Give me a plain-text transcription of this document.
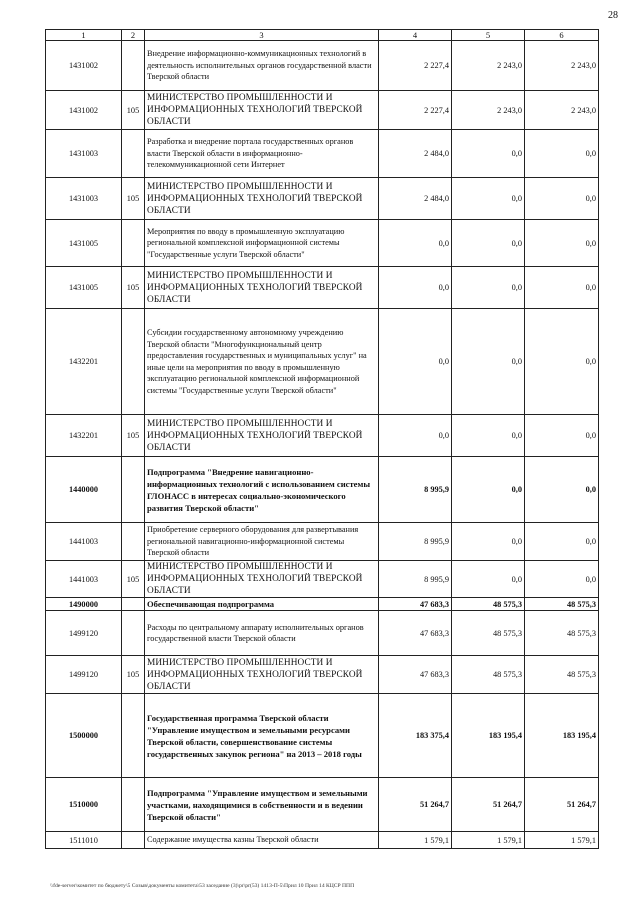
28
1	2	3	4	5	6
1431002		Внедрение информационно-коммуникационных технологий в деятельность исполнительных органов государственной власти Тверской области	2 227,4	2 243,0	2 243,0
1431002	105	МИНИСТЕРСТВО ПРОМЫШЛЕННОСТИ И ИНФОРМАЦИОННЫХ ТЕХНОЛОГИЙ ТВЕРСКОЙ ОБЛАСТИ	2 227,4	2 243,0	2 243,0
1431003		Разработка и внедрение портала государственных органов власти Тверской области в информационно-телекоммуникационной сети Интернет	2 484,0	0,0	0,0
1431003	105	МИНИСТЕРСТВО ПРОМЫШЛЕННОСТИ И ИНФОРМАЦИОННЫХ ТЕХНОЛОГИЙ ТВЕРСКОЙ ОБЛАСТИ	2 484,0	0,0	0,0
1431005		Мероприятия по вводу в промышленную эксплуатацию региональной комплексной информационной системы "Государственные услуги Тверской области"	0,0	0,0	0,0
1431005	105	МИНИСТЕРСТВО ПРОМЫШЛЕННОСТИ И ИНФОРМАЦИОННЫХ ТЕХНОЛОГИЙ ТВЕРСКОЙ ОБЛАСТИ	0,0	0,0	0,0
1432201		Субсидии государственному автономному учреждению Тверской области "Многофункциональный центр предоставления государственных и муниципальных услуг" на иные цели на мероприятия по вводу в промышленную эксплуатацию региональной комплексной информационной системы "Государственные услуги Тверской области"	0,0	0,0	0,0
1432201	105	МИНИСТЕРСТВО ПРОМЫШЛЕННОСТИ И ИНФОРМАЦИОННЫХ ТЕХНОЛОГИЙ ТВЕРСКОЙ ОБЛАСТИ	0,0	0,0	0,0
1440000		Подпрограмма "Внедрение навигационно-информационных технологий с использованием системы ГЛОНАСС в интересах социально-экономического развития Тверской области"	8 995,9	0,0	0,0
1441003		Приобретение серверного оборудования для развертывания региональной навигационно-информационной системы Тверской области	8 995,9	0,0	0,0
1441003	105	МИНИСТЕРСТВО ПРОМЫШЛЕННОСТИ И ИНФОРМАЦИОННЫХ ТЕХНОЛОГИЙ ТВЕРСКОЙ ОБЛАСТИ	8 995,9	0,0	0,0
1490000		Обеспечивающая подпрограмма	47 683,3	48 575,3	48 575,3
1499120		Расходы по центральному аппарату исполнительных органов государственной власти Тверской области	47 683,3	48 575,3	48 575,3
1499120	105	МИНИСТЕРСТВО ПРОМЫШЛЕННОСТИ И ИНФОРМАЦИОННЫХ ТЕХНОЛОГИЙ ТВЕРСКОЙ ОБЛАСТИ	47 683,3	48 575,3	48 575,3
1500000		Государственная программа Тверской области "Управление имуществом и земельными ресурсами Тверской области, совершенствование системы государственных закупок региона" на 2013 – 2018 годы	183 375,4	183 195,4	183 195,4
1510000		Подпрограмма "Управление имуществом и земельными участками, находящимися в собственности и в ведении Тверской области"	51 264,7	51 264,7	51 264,7
1511010		Содержание имущества казны Тверской области	1 579,1	1 579,1	1 579,1
\\fde-server\комитет по бюджету\5 Созыв\документы комитета\53 заседание (3)\pr\pr(53) 1413-П-5\Прил 10 Прил 14 КЦСР ППП
